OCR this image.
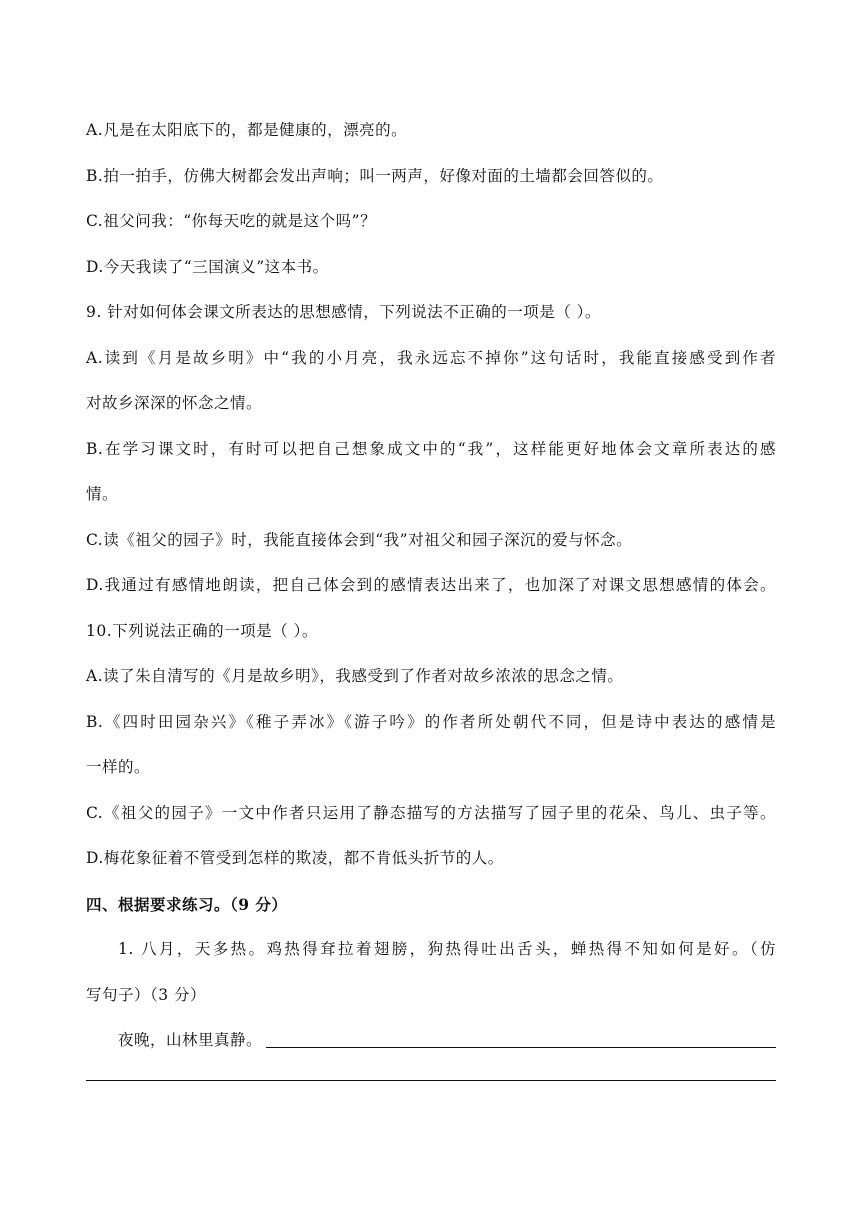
A.凡是在太阳底下的，都是健康的，漂亮的。
B.拍一拍手，仿佛大树都会发出声响；叫一两声，好像对面的土墙都会回答似的。
C.祖父问我：“你每天吃的就是这个吗”？
D.今天我读了“三国演义”这本书。
9. 针对如何体会课文所表达的思想感情，下列说法不正确的一项是（ ）。
A.读到《月是故乡明》中“我的小月亮，我永远忘不掉你”这句话时，我能直接感受到作者
对故乡深深的怀念之情。
B.在学习课文时，有时可以把自己想象成文中的“我”，这样能更好地体会文章所表达的感
情。
C.读《祖父的园子》时，我能直接体会到“我”对祖父和园子深沉的爱与怀念。
D.我通过有感情地朗读，把自己体会到的感情表达出来了，也加深了对课文思想感情的体会。
10.下列说法正确的一项是（ ）。
A.读了朱自清写的《月是故乡明》，我感受到了作者对故乡浓浓的思念之情。
B.《四时田园杂兴》《稚子弄冰》《游子吟》的作者所处朝代不同，但是诗中表达的感情是
一样的。
C.《祖父的园子》一文中作者只运用了静态描写的方法描写了园子里的花朵、鸟儿、虫子等。
D.梅花象征着不管受到怎样的欺凌，都不肯低头折节的人。
四、根据要求练习。（9 分）
1. 八月，天多热。鸡热得耷拉着翅膀，狗热得吐出舌头，蝉热得不知如何是好。（仿
写句子）（3 分）
夜晚，山林里真静。
